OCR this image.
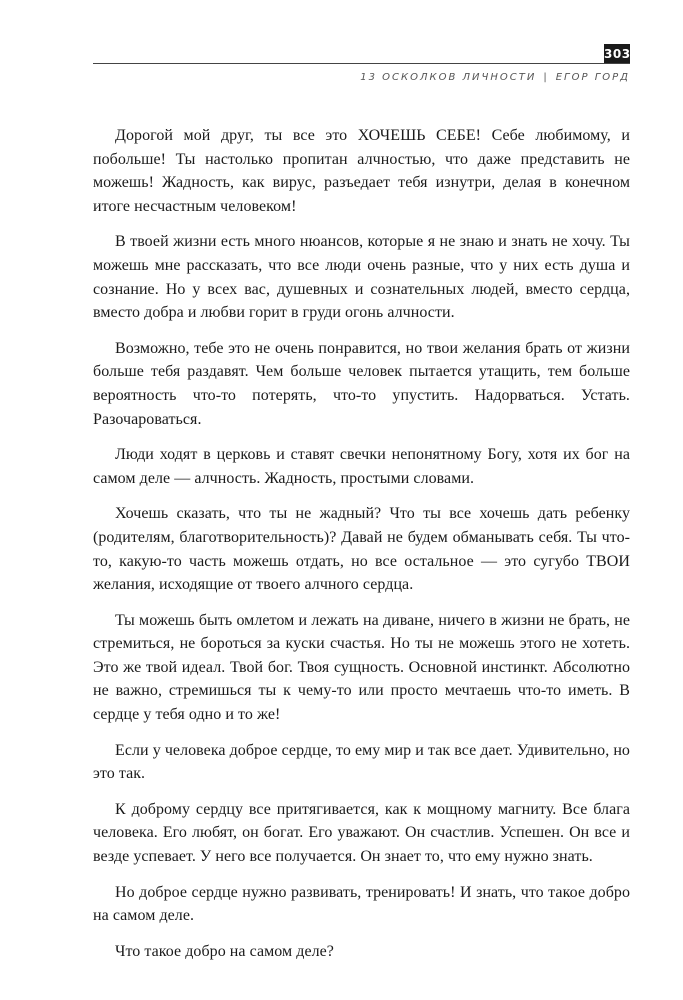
303
13 ОСКОЛКОВ ЛИЧНОСТИ | ЕГОР ГОРД

Дорогой мой друг, ты все это ХОЧЕШЬ СЕБЕ! Себе любимому, и побольше! Ты настолько пропитан алчностью, что даже представить не можешь! Жадность, как вирус, разъедает тебя изнутри, делая в конечном итоге несчастным человеком!

В твоей жизни есть много нюансов, которые я не знаю и знать не хочу. Ты можешь мне рассказать, что все люди очень разные, что у них есть душа и сознание. Но у всех вас, душевных и сознательных людей, вместо сердца, вместо добра и любви горит в груди огонь алчности.

Возможно, тебе это не очень понравится, но твои желания брать от жизни больше тебя раздавят. Чем больше человек пытается утащить, тем больше вероятность что-то потерять, что-то упустить. Надорваться. Устать. Разочароваться.

Люди ходят в церковь и ставят свечки непонятному Богу, хотя их бог на самом деле — алчность. Жадность, простыми словами.

Хочешь сказать, что ты не жадный? Что ты все хочешь дать ребенку (родителям, благотворительность)? Давай не будем обманывать себя. Ты что-то, какую-то часть можешь отдать, но все остальное — это сугубо ТВОИ желания, исходящие от твоего алчного сердца.

Ты можешь быть омлетом и лежать на диване, ничего в жизни не брать, не стремиться, не бороться за куски счастья. Но ты не можешь этого не хотеть. Это же твой идеал. Твой бог. Твоя сущность. Основной инстинкт. Абсолютно не важно, стремишься ты к чему-то или просто мечтаешь что-то иметь. В сердце у тебя одно и то же!

Если у человека доброе сердце, то ему мир и так все дает. Удивительно, но это так.

К доброму сердцу все притягивается, как к мощному магниту. Все блага человека. Его любят, он богат. Его уважают. Он счастлив. Успешен. Он все и везде успевает. У него все получается. Он знает то, что ему нужно знать.

Но доброе сердце нужно развивать, тренировать! И знать, что такое добро на самом деле.

Что такое добро на самом деле?
